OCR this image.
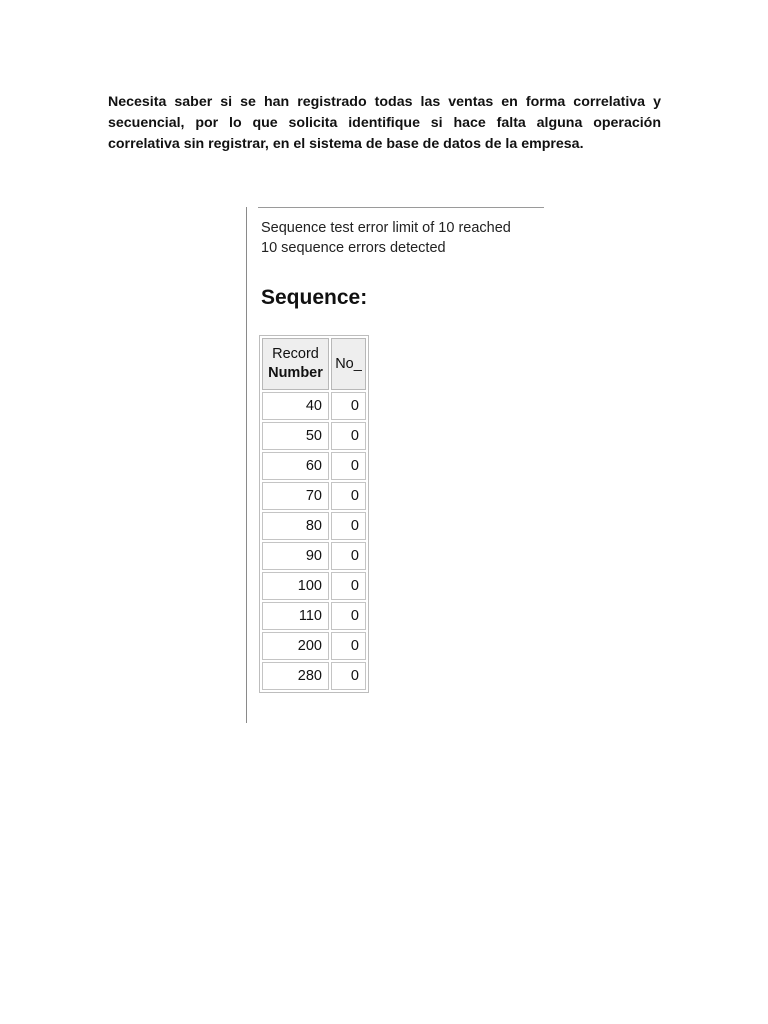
Necesita saber si se han registrado todas las ventas en forma correlativa y secuencial, por lo que solicita identifique si hace falta alguna operación correlativa sin registrar, en el sistema de base de datos de la empresa.

Sequence test error limit of 10 reached
10 sequence errors detected
Sequence:
Record
Number	No_
40	0
50	0
60	0
70	0
80	0
90	0
100	0
110	0
200	0
280	0
